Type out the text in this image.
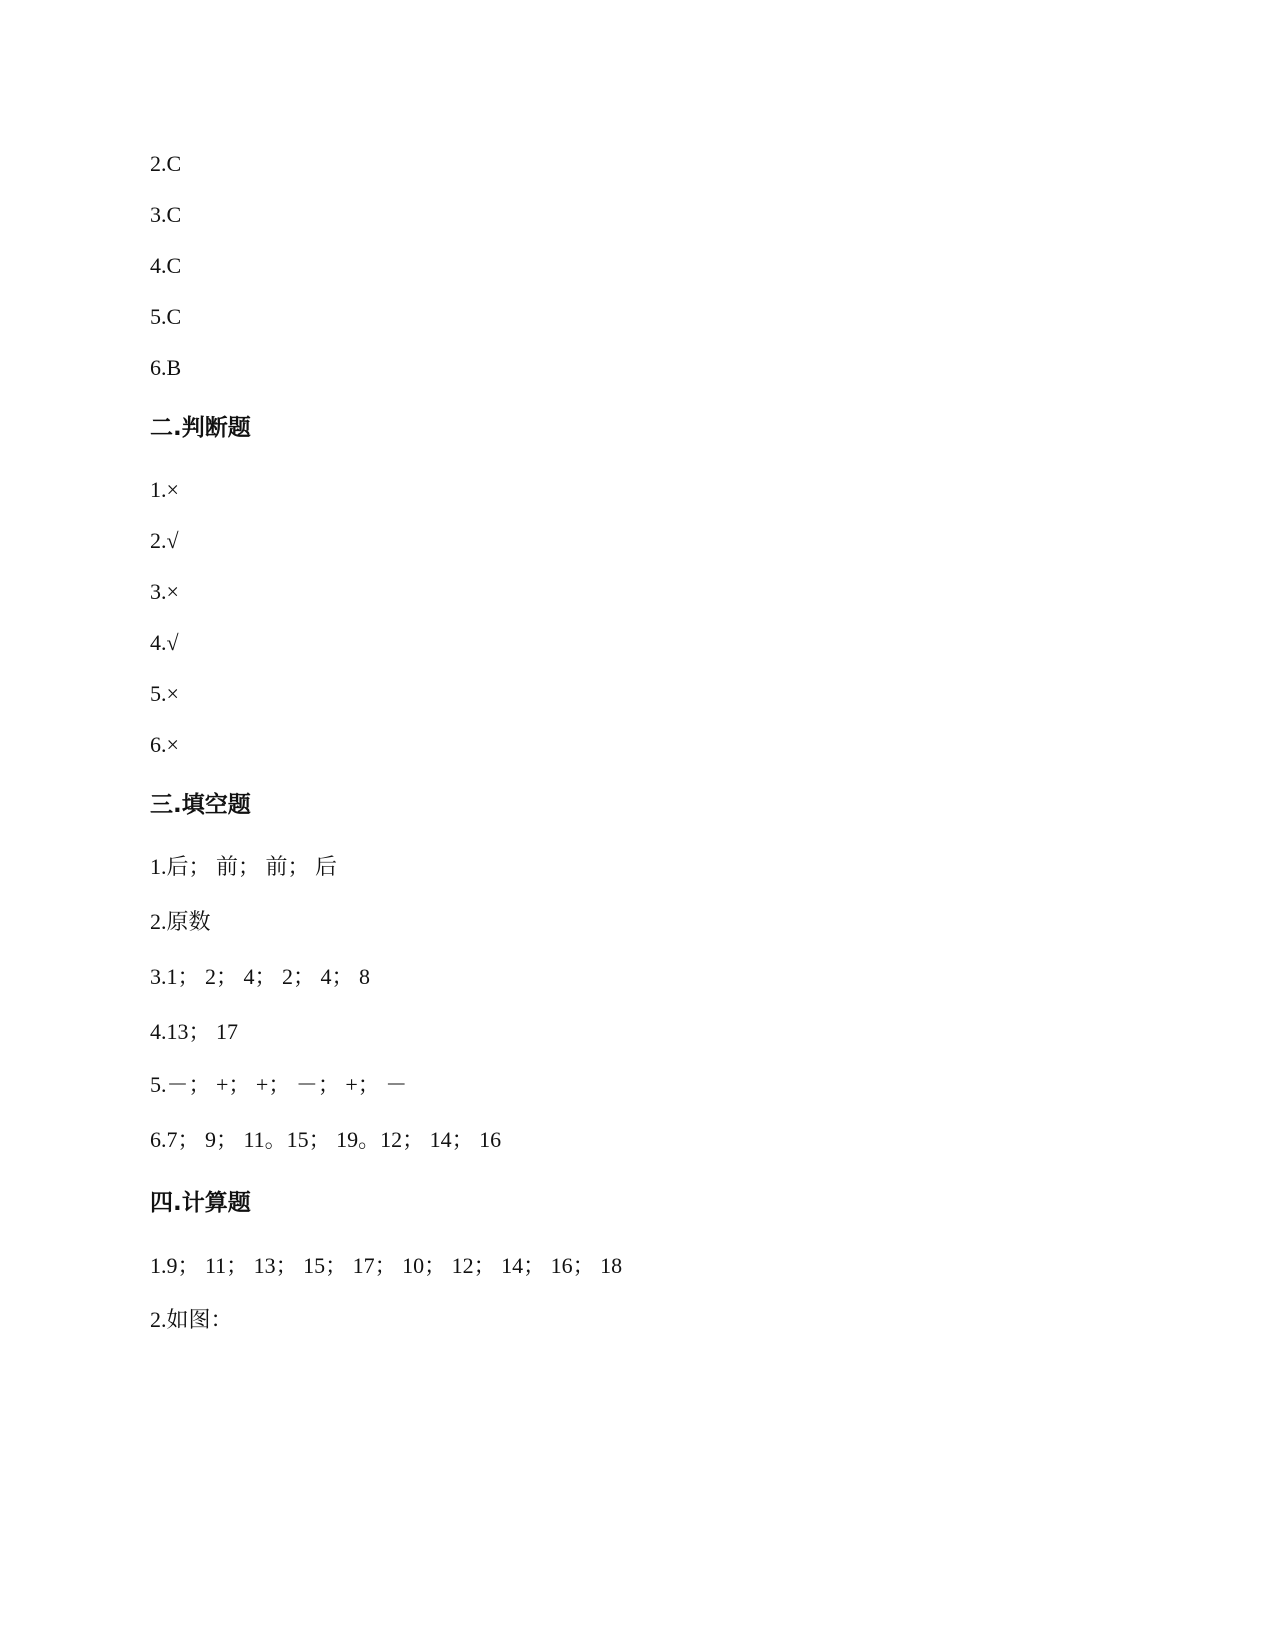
2.C
3.C
4.C
5.C
6.B
二.判断题
1.×
2.√
3.×
4.√
5.×
6.×
三.填空题
1.后； 前； 前； 后
2.原数
3.1； 2； 4； 2； 4； 8
4.13； 17
5.－； +； +； －； +； －
6.7； 9； 11。15； 19。12； 14； 16
四.计算题
1.9； 11； 13； 15； 17； 10； 12； 14； 16； 18
2.如图：
